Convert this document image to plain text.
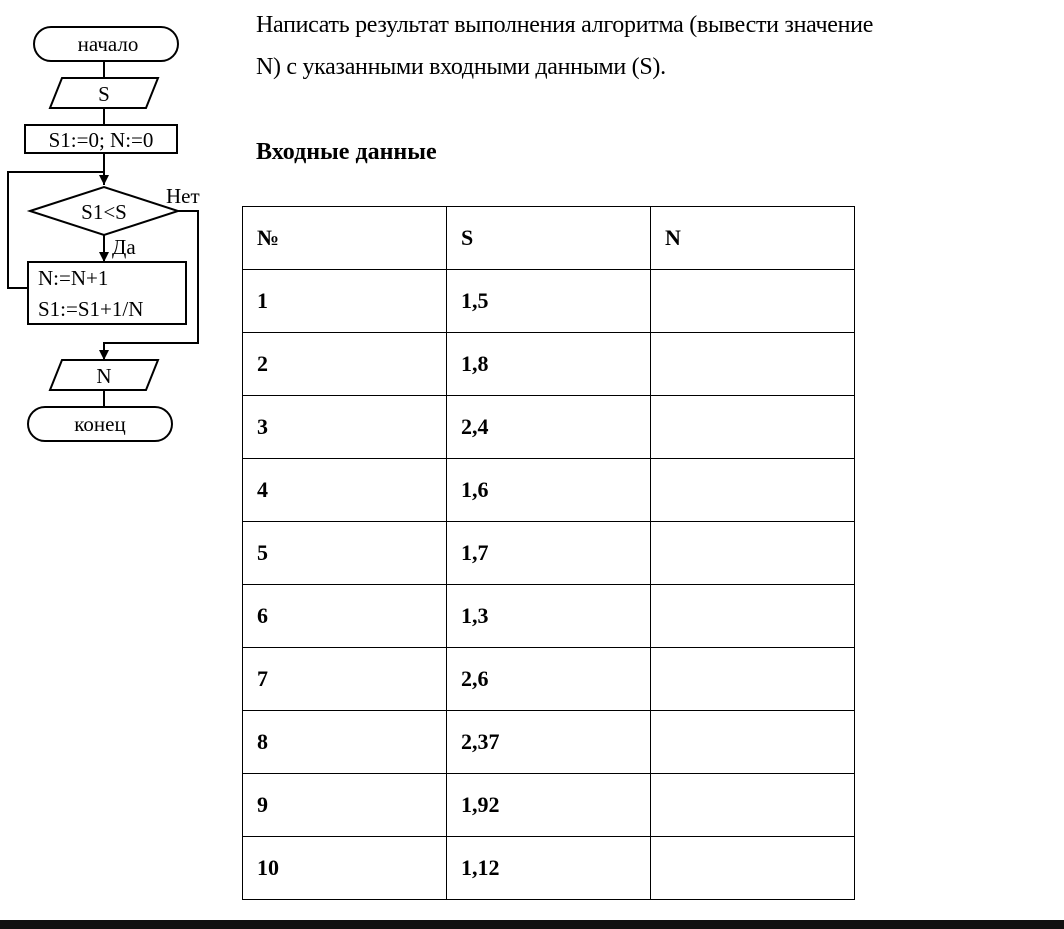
начало
S
S1:=0; N:=0
S1<S
Нет
Да
N:=N+1
S1:=S1+1/N
N
конец

Написать результат выполнения алгоритма (вывести значение
N) с указанными входными данными (S).

Входные данные
№	S	N
1	1,5	
2	1,8	
3	2,4	
4	1,6	
5	1,7	
6	1,3	
7	2,6	
8	2,37	
9	1,92	
10	1,12	
